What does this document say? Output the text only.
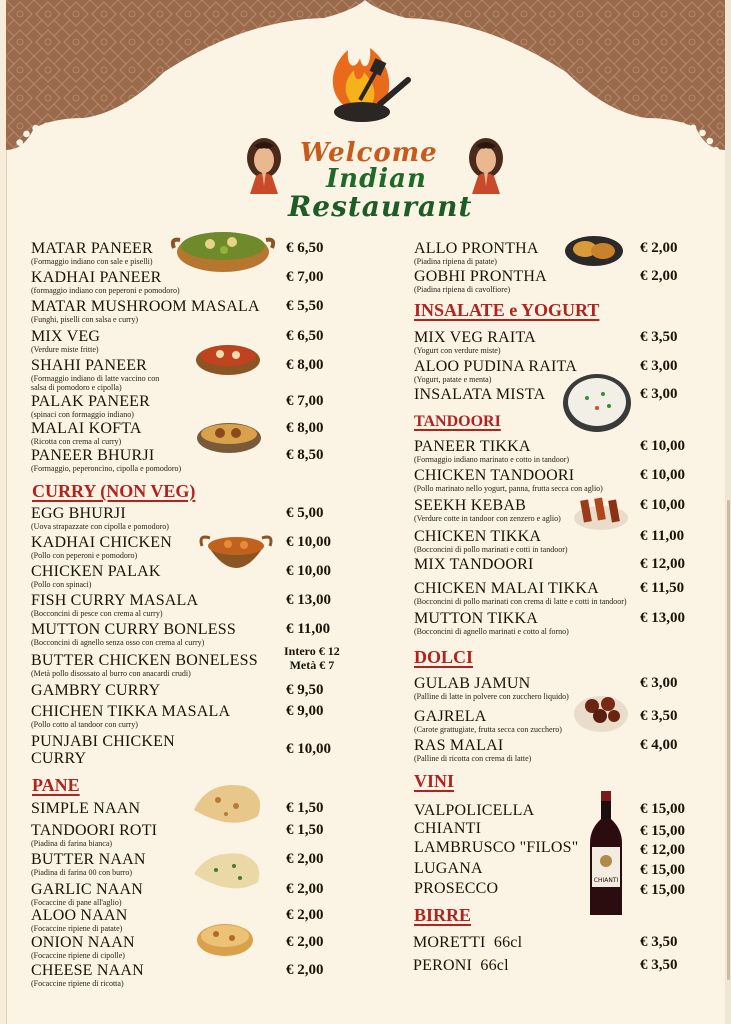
Welcome
Indian
Restaurant
CURRY (NON VEG)
PANE
INSALATE e YOGURT
TANDOORI
DOLCI
VINI
BIRRE
MATAR PANEER
(Formaggio indiano con sale e piselli)
€ 6,50
KADHAI PANEER
(formaggio indiano con peperoni e pomodoro)
€ 7,00
MATAR MUSHROOM MASALA
(Funghi, piselli con salsa e curry)
€ 5,50
MIX VEG
(Verdure miste fritte)
€ 6,50
SHAHI PANEER
(Formaggio indiano di latte vaccino con
salsa di pomodoro e cipolla)
€ 8,00
PALAK PANEER
(spinaci con formaggio indiano)
€ 7,00
MALAI KOFTA
(Ricotta con crema al curry)
€ 8,00
PANEER BHURJI
(Formaggio, peperoncino, cipolla e pomodoro)
€ 8,50
EGG BHURJI
(Uova strapazzate con cipolla e pomodoro)
€ 5,00
KADHAI CHICKEN
(Pollo con peperoni e pomodoro)
€ 10,00
CHICKEN PALAK
(Pollo con spinaci)
€ 10,00
FISH CURRY MASALA
(Bocconcini di pesce con crema al curry)
€ 13,00
MUTTON CURRY BONLESS
(Bocconcini di agnello senza osso con crema al curry)
€ 11,00
BUTTER CHICKEN BONELESS
(Metà pollo disossato al burro con anacardi crudi)
Intero € 12
Metà € 7
GAMBRY CURRY	€ 9,50
CHICHEN TIKKA MASALA
(Pollo cotto al tandoor con curry)
€ 9,00
PUNJABI CHICKEN
CURRY
€ 10,00
SIMPLE NAAN	€ 1,50
TANDOORI ROTI
(Piadina di farina bianca)
€ 1,50
BUTTER NAAN
(Piadina di farina 00 con burro)
€ 2,00
GARLIC NAAN
(Focaccine di pane all'aglio)
€ 2,00
ALOO NAAN
(Focaccine ripiene di patate)
€ 2,00
ONION NAAN
(Focaccine ripiene di cipolle)
€ 2,00
CHEESE NAAN
(Focaccine ripiene di ricotta)
€ 2,00
ALLO PRONTHA
(Piadina ripiena di patate)
€ 2,00
GOBHI PRONTHA
(Piadina ripiena di cavolfiore)
€ 2,00
MIX VEG RAITA
(Yogurt con verdure miste)
€ 3,50
ALOO PUDINA RAITA
(Yogurt, patate e menta)
€ 3,00
INSALATA MISTA	€ 3,00
PANEER TIKKA
(Formaggio indiano marinato e cotto in tandoor)
€ 10,00
CHICKEN TANDOORI
(Pollo marinato nello yogurt, panna, frutta secca con aglio)
€ 10,00
SEEKH KEBAB
(Verdure cotte in tandoor con zenzero e aglio)
€ 10,00
CHICKEN TIKKA
(Bocconcini di pollo marinati e cotti in tandoor)
€ 11,00
MIX TANDOORI	€ 12,00
CHICKEN MALAI TIKKA
(Bocconcini di pollo marinati con crema di latte e cotti in tandoor)
€ 11,50
MUTTON TIKKA
(Bocconcini di agnello marinati e cotto al forno)
€ 13,00
GULAB JAMUN
(Palline di latte in polvere con zucchero liquido)
€ 3,00
GAJRELA
(Carote grattugiate, frutta secca con zucchero)
€ 3,50
RAS MALAI
(Palline di ricotta con crema di latte)
€ 4,00
VALPOLICELLA	€ 15,00
CHIANTI	€ 15,00
LAMBRUSCO "FILOS"	€ 12,00
LUGANA	€ 15,00
PROSECCO	€ 15,00
MORETTI  66cl	€ 3,50
PERONI  66cl	€ 3,50
CHIANTI
